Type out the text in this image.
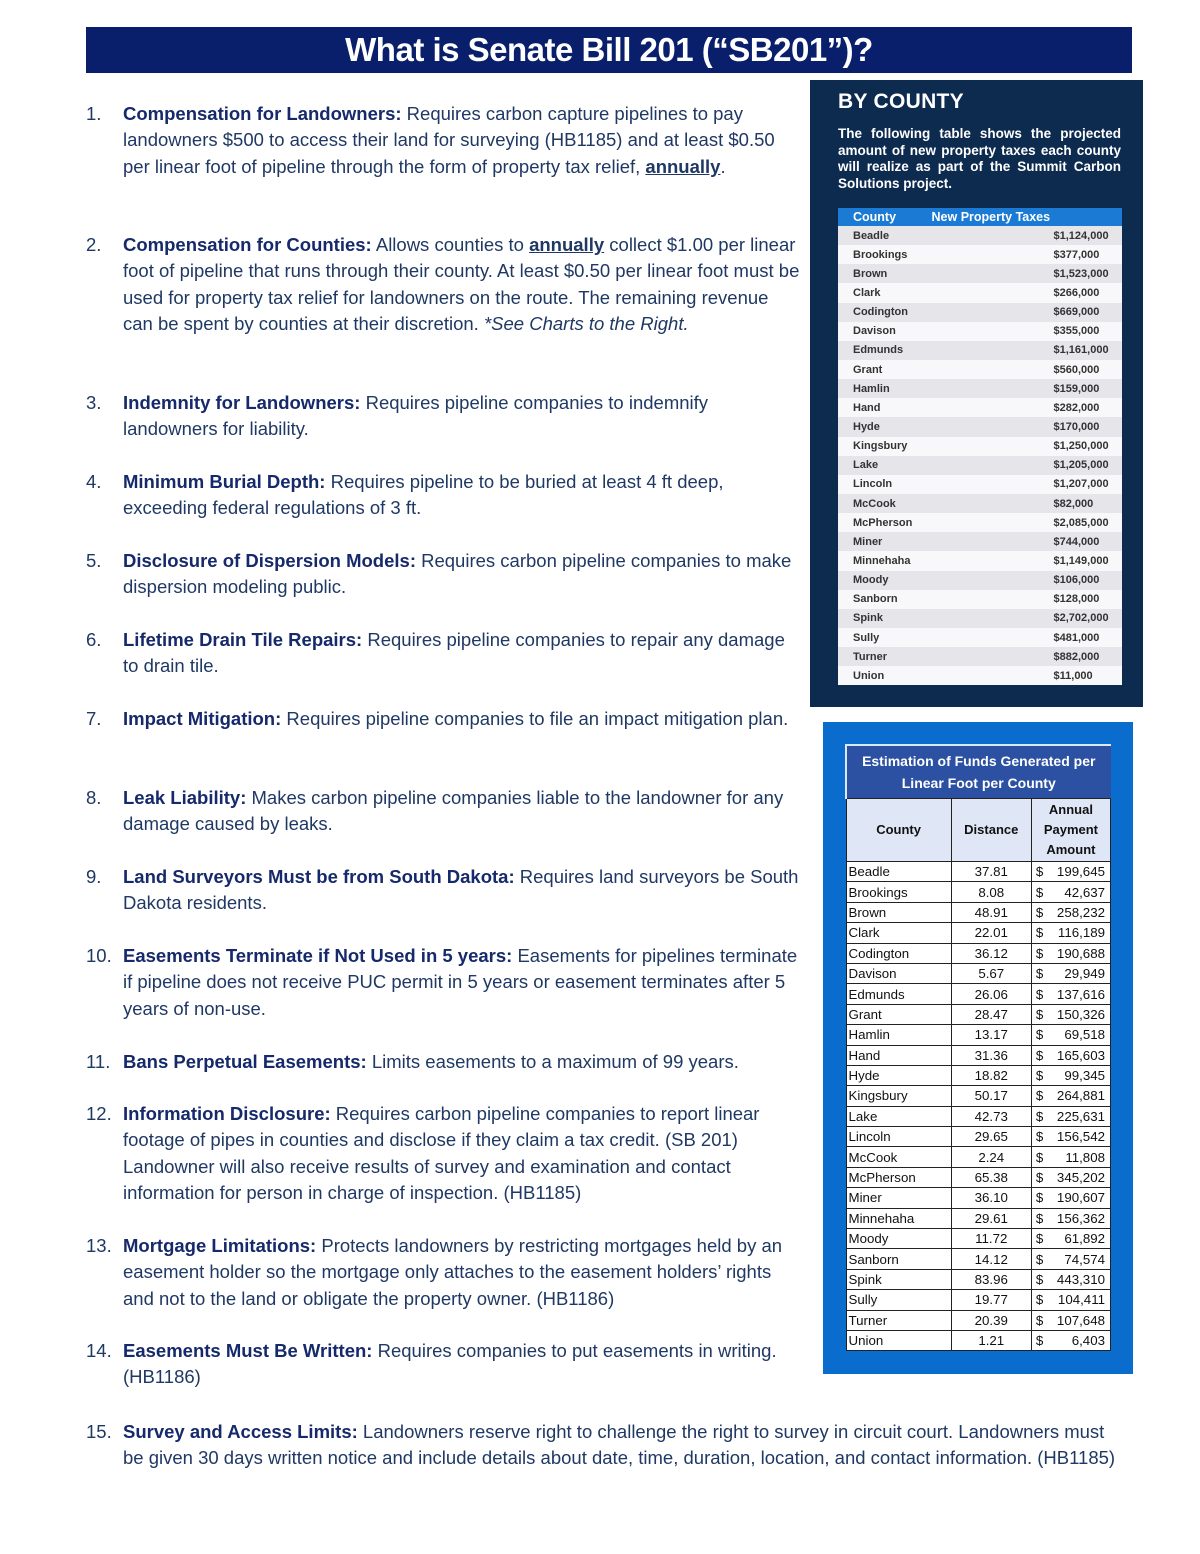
What is Senate Bill 201 (“SB201”)?
1.	Compensation for Landowners: Requires carbon capture pipelines to pay landowners $500 to access their land for surveying (HB1185) and at least $0.50 per linear foot of pipeline through the form of property tax relief, annually.
2.	Compensation for Counties: Allows counties to annually collect $1.00 per linear foot of pipeline that runs through their county. At least $0.50 per linear foot must be used for property tax relief for landowners on the route. The remaining revenue can be spent by counties at their discretion. *See Charts to the Right.
3.	Indemnity for Landowners: Requires pipeline companies to indemnify landowners for liability.
4.	Minimum Burial Depth: Requires pipeline to be buried at least 4 ft deep, exceeding federal regulations of 3 ft.
5.	Disclosure of Dispersion Models: Requires carbon pipeline companies to make dispersion modeling public.
6.	Lifetime Drain Tile Repairs: Requires pipeline companies to repair any damage to drain tile.
7.	Impact Mitigation: Requires pipeline companies to file an impact mitigation plan.
8.	Leak Liability: Makes carbon pipeline companies liable to the landowner for any damage caused by leaks.
9.	Land Surveyors Must be from South Dakota: Requires land surveyors be South Dakota residents.
10. Easements Terminate if Not Used in 5 years: Easements for pipelines terminate if pipeline does not receive PUC permit in 5 years or easement terminates after 5 years of non-use.
11. Bans Perpetual Easements: Limits easements to a maximum of 99 years.
12. Information Disclosure: Requires carbon pipeline companies to report linear footage of pipes in counties and disclose if they claim a tax credit. (SB 201) Landowner will also receive results of survey and examination and contact information for person in charge of inspection. (HB1185)
13. Mortgage Limitations: Protects landowners by restricting mortgages held by an easement holder so the mortgage only attaches to the easement holders’ rights and not to the land or obligate the property owner. (HB1186)
14. Easements Must Be Written: Requires companies to put easements in writing. (HB1186)
15. Survey and Access Limits: Landowners reserve right to challenge the right to survey in circuit court. Landowners must be given 30 days written notice and include details about date, time, duration, location, and contact information. (HB1185)
BY COUNTY

The following table shows the projected amount of new property taxes each county will realize as part of the Summit Carbon Solutions project.

County	New Property Taxes
Beadle	$1,124,000
Brookings	$377,000
Brown	$1,523,000
Clark	$266,000
Codington	$669,000
Davison	$355,000
Edmunds	$1,161,000
Grant	$560,000
Hamlin	$159,000
Hand	$282,000
Hyde	$170,000
Kingsbury	$1,250,000
Lake	$1,205,000
Lincoln	$1,207,000
McCook	$82,000
McPherson	$2,085,000
Miner	$744,000
Minnehaha	$1,149,000
Moody	$106,000
Sanborn	$128,000
Spink	$2,702,000
Sully	$481,000
Turner	$882,000
Union	$11,000
Estimation of Funds Generated per Linear Foot per County		
County	Distance	Annual Payment Amount
Beadle	37.81	$ 199,645

Brookings	8.08	$ 42,637

Brown	48.91	$ 258,232

Clark	22.01	$ 116,189

Codington	36.12	$ 190,688

Davison	5.67	$ 29,949

Edmunds	26.06	$ 137,616

Grant	28.47	$ 150,326

Hamlin	13.17	$ 69,518

Hand	31.36	$ 165,603

Hyde	18.82	$ 99,345

Kingsbury	50.17	$ 264,881

Lake	42.73	$ 225,631

Lincoln	29.65	$ 156,542

McCook	2.24	$ 11,808

McPherson	65.38	$ 345,202

Miner	36.10	$ 190,607

Minnehaha	29.61	$ 156,362

Moody	11.72	$ 61,892

Sanborn	14.12	$ 74,574

Spink	83.96	$ 443,310

Sully	19.77	$ 104,411

Turner	20.39	$ 107,648

Union	1.21	$ 6,403
